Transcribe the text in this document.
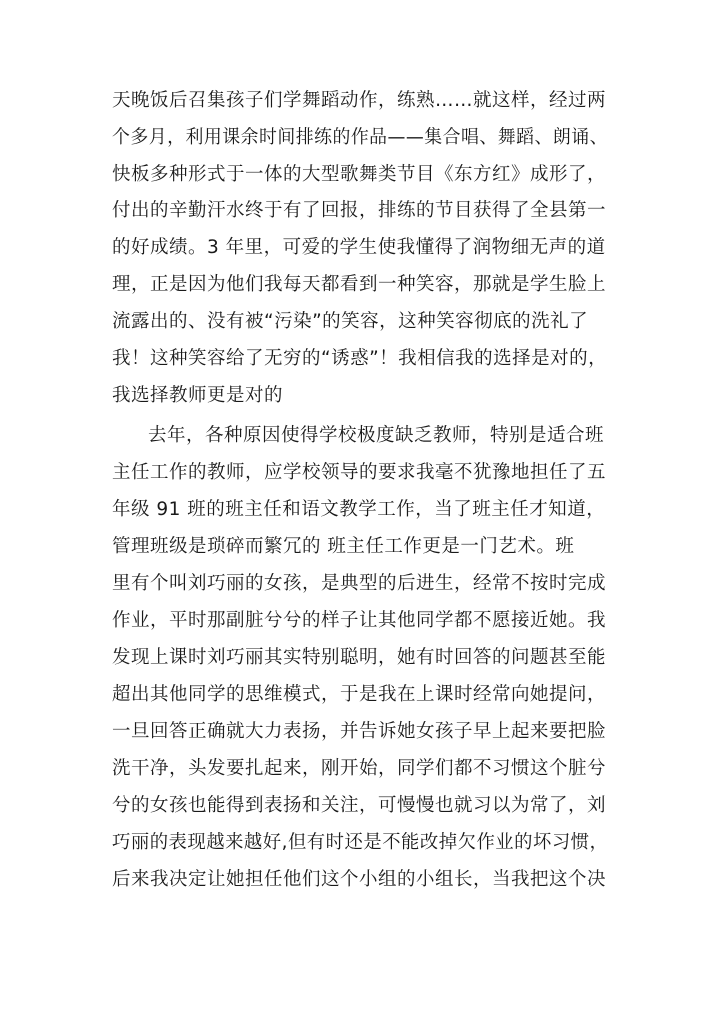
天晚饭后召集孩子们学舞蹈动作，练熟……就这样，经过两
个多月，利用课余时间排练的作品——集合唱、舞蹈、朗诵、
快板多种形式于一体的大型歌舞类节目《东方红》成形了，
付出的辛勤汗水终于有了回报，排练的节目获得了全县第一
的好成绩。3 年里，可爱的学生使我懂得了润物细无声的道
理，正是因为他们我每天都看到一种笑容，那就是学生脸上
流露出的、没有被“污染”的笑容，这种笑容彻底的洗礼了
我！这种笑容给了无穷的“诱惑”！我相信我的选择是对的，
我选择教师更是对的
去年，各种原因使得学校极度缺乏教师，特别是适合班
主任工作的教师，应学校领导的要求我毫不犹豫地担任了五
年级 91 班的班主任和语文教学工作，当了班主任才知道，
管理班级是琐碎而繁冗的 班主任工作更是一门艺术。班
里有个叫刘巧丽的女孩，是典型的后进生，经常不按时完成
作业，平时那副脏兮兮的样子让其他同学都不愿接近她。我
发现上课时刘巧丽其实特别聪明，她有时回答的问题甚至能
超出其他同学的思维模式，于是我在上课时经常向她提问，
一旦回答正确就大力表扬，并告诉她女孩子早上起来要把脸
洗干净，头发要扎起来，刚开始，同学们都不习惯这个脏兮
兮的女孩也能得到表扬和关注，可慢慢也就习以为常了，刘
巧丽的表现越来越好,但有时还是不能改掉欠作业的坏习惯，
后来我决定让她担任他们这个小组的小组长，当我把这个决
